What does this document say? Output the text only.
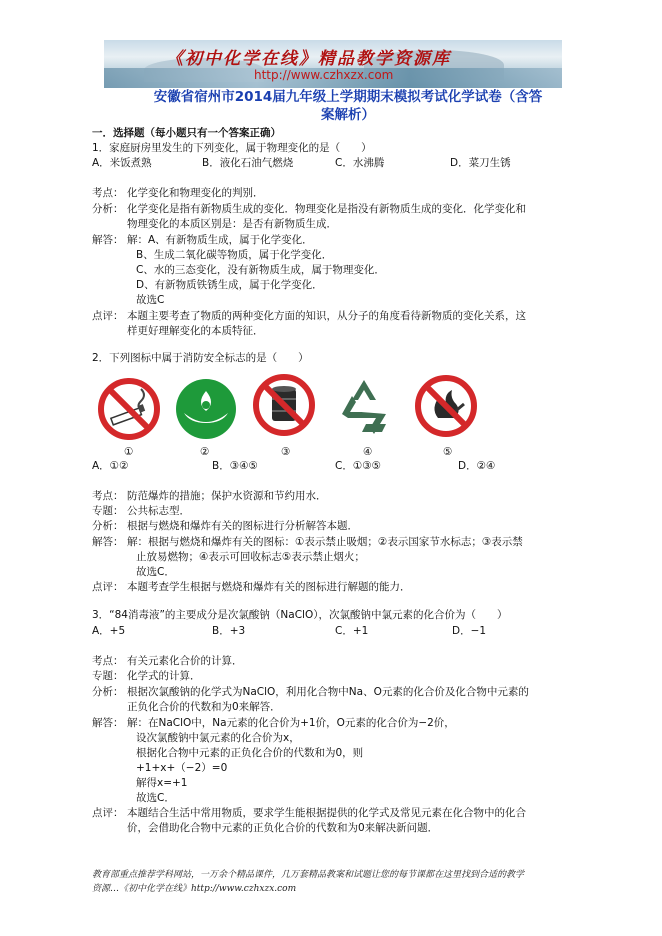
《初中化学在线》精品教学资源库
http://www.czhxzx.com
安徽省宿州市2014届九年级上学期期末模拟考试化学试卷（含答
案解析）
一．选择题（每小题只有一个答案正确）
1．家庭厨房里发生的下列变化，属于物理变化的是（　　）
A．米饭煮熟	B．液化石油气燃烧	C．水沸腾	D．菜刀生锈
考点： 化学变化和物理变化的判别．
分析： 化学变化是指有新物质生成的变化．物理变化是指没有新物质生成的变化．化学变化和
物理变化的本质区别是：是否有新物质生成．
解答： 解：A、有新物质生成，属于化学变化．
B、生成二氧化碳等物质，属于化学变化．
C、水的三态变化，没有新物质生成，属于物理变化．
D、有新物质铁锈生成，属于化学变化．
故选C
点评： 本题主要考查了物质的两种变化方面的知识，从分子的角度看待新物质的变化关系，这
样更好理解变化的本质特征．
2．下列图标中属于消防安全标志的是（　　）
①	②	③	④	⑤
A．①②	B．③④⑤	C．①③⑤	D．②④
考点： 防范爆炸的措施；保护水资源和节约用水．
专题： 公共标志型．
分析： 根据与燃烧和爆炸有关的图标进行分析解答本题．
解答： 解：根据与燃烧和爆炸有关的图标：①表示禁止吸烟；②表示国家节水标志；③表示禁
止放易燃物；④表示可回收标志⑤表示禁止烟火；
故选C．
点评： 本题考查学生根据与燃烧和爆炸有关的图标进行解题的能力．
3．“84消毒液”的主要成分是次氯酸钠（NaClO），次氯酸钠中氯元素的化合价为（　　）
A．+5	B．+3	C．+1	D．−1
考点： 有关元素化合价的计算．
专题： 化学式的计算．
分析： 根据次氯酸钠的化学式为NaClO，利用化合物中Na、O元素的化合价及化合物中元素的
正负化合价的代数和为0来解答．
解答： 解：在NaClO中，Na元素的化合价为+1价，O元素的化合价为−2价，
设次氯酸钠中氯元素的化合价为x，
根据化合物中元素的正负化合价的代数和为0，则
+1+x+（−2）=0
解得x=+1
故选C．
点评： 本题结合生活中常用物质，要求学生能根据提供的化学式及常见元素在化合物中的化合
价，会借助化合物中元素的正负化合价的代数和为0来解决新问题．
教育部重点推荐学科网站，一万余个精品课件，几万套精品教案和试题让您的每节课都在这里找到合适的教学
资源…《初中化学在线》http://www.czhxzx.com
